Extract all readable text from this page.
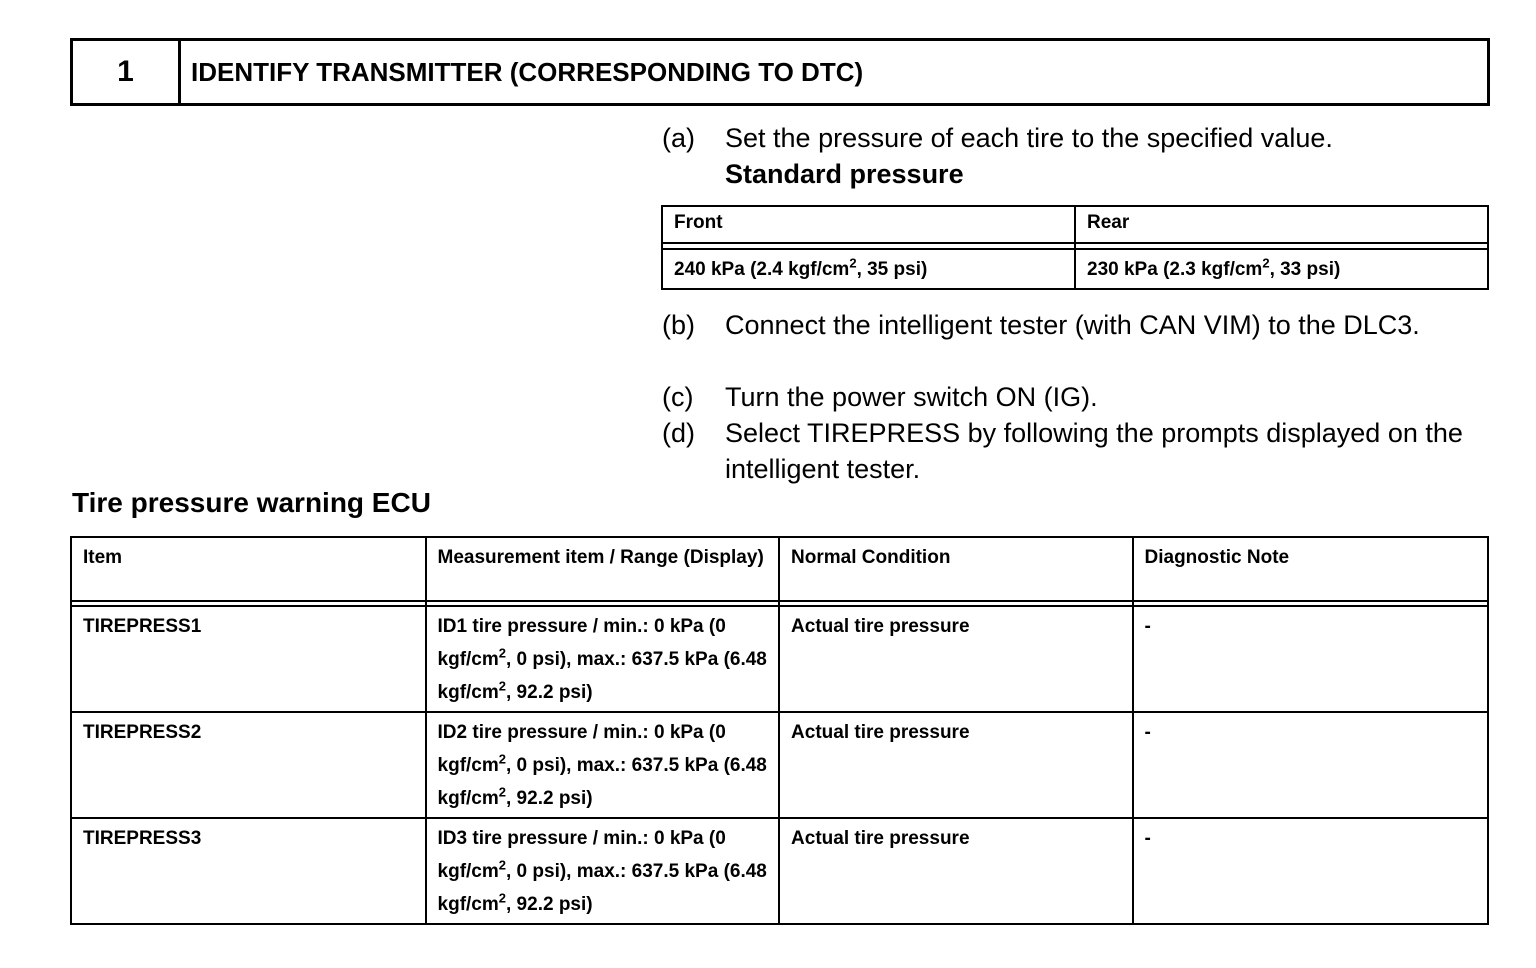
1	IDENTIFY TRANSMITTER (CORRESPONDING TO DTC)
(a) Set the pressure of each tire to the specified value.
Standard pressure
Front	Rear

240 kPa (2.4 kgf/$cm^2$, 35 psi)	230 kPa (2.3 kgf/$cm^2$, 33 psi)
(b) Connect the intelligent tester (with CAN VIM) to the DLC3.
(c) Turn the power switch ON (IG).
(d) Select TIREPRESS by following the prompts displayed on the intelligent tester.
Tire pressure warning ECU
Item	Measurement item / Range (Display)	Normal Condition	Diagnostic Note

TIREPRESS1	ID1 tire pressure / min.: 0 kPa (0 kgf/$cm^2$, 0 psi), max.: 637.5 kPa (6.48 kgf/$cm^2$, 92.2 psi)	Actual tire pressure	-
TIREPRESS2	ID2 tire pressure / min.: 0 kPa (0 kgf/$cm^2$, 0 psi), max.: 637.5 kPa (6.48 kgf/$cm^2$, 92.2 psi)	Actual tire pressure	-
TIREPRESS3	ID3 tire pressure / min.: 0 kPa (0 kgf/$cm^2$, 0 psi), max.: 637.5 kPa (6.48 kgf/$cm^2$, 92.2 psi)	Actual tire pressure	-
